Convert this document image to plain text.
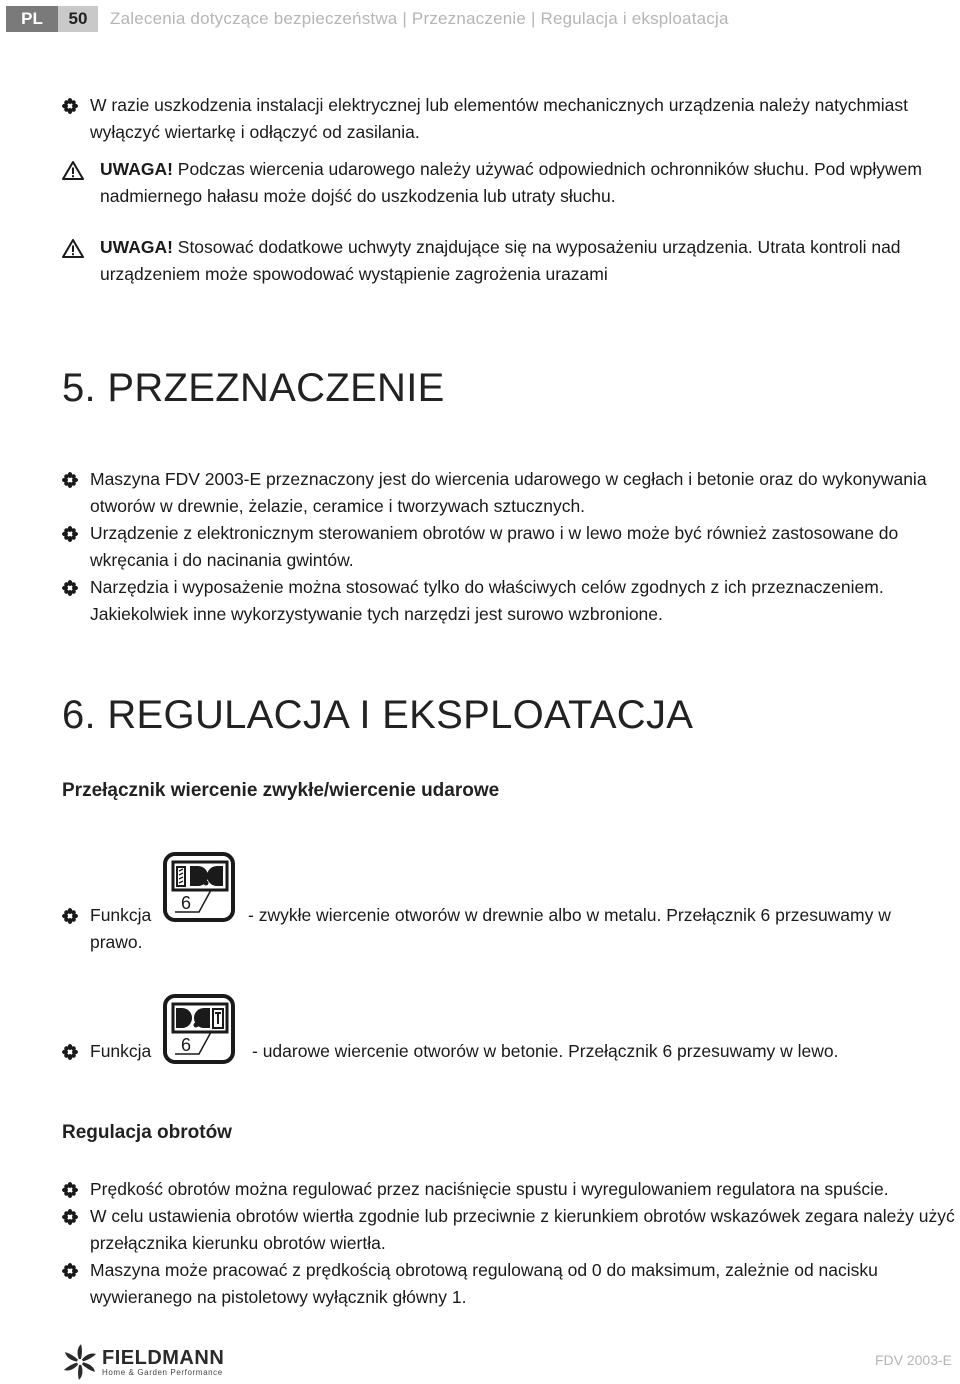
PL	50	Zalecenia dotyczące bezpieczeństwa | Przeznaczenie | Regulacja i eksploatacja
W razie uszkodzenia instalacji elektrycznej lub elementów mechanicznych urządzenia należy natychmiast wyłączyć wiertarkę i odłączyć od zasilania.
UWAGA! Podczas wiercenia udarowego należy używać odpowiednich ochronników słuchu. Pod wpływem nadmiernego hałasu może dojść do uszkodzenia lub utraty słuchu.
UWAGA! Stosować dodatkowe uchwyty znajdujące się na wyposażeniu urządzenia. Utrata kontroli nad urządzeniem może spowodować wystąpienie zagrożenia urazami
5. PRZEZNACZENIE
Maszyna FDV 2003-E przeznaczony jest do wiercenia udarowego w cegłach i betonie oraz do wykonywania otworów w drewnie, żelazie, ceramice i tworzywach sztucznych.
Urządzenie z elektronicznym sterowaniem obrotów w prawo i w lewo może być również zastosowane do wkręcania i do nacinania gwintów.
Narzędzia i wyposażenie można stosować tylko do właściwych celów zgodnych z ich przeznaczeniem. Jakiekolwiek inne wykorzystywanie tych narzędzi jest surowo wzbronione.
6. REGULACJA I EKSPLOATACJA
Przełącznik wiercenie zwykłe/wiercenie udarowe
Funkcja	- zwykłe wiercenie otworów w drewnie albo w metalu. Przełącznik 6 przesuwamy w
prawo.
6
Funkcja	- udarowe wiercenie otworów w betonie. Przełącznik 6 przesuwamy w lewo.
6
Regulacja obrotów
Prędkość obrotów można regulować przez naciśnięcie spustu i wyregulowaniem regulatora na spuście.
W celu ustawienia obrotów wiertła zgodnie lub przeciwnie z kierunkiem obrotów wskazówek zegara należy użyć przełącznika kierunku obrotów wiertła.
Maszyna może pracować z prędkością obrotową regulowaną od 0 do maksimum, zależnie od nacisku wywieranego na pistoletowy wyłącznik główny 1.
FIELDMANN
Home & Garden Performance
FDV 2003-E
